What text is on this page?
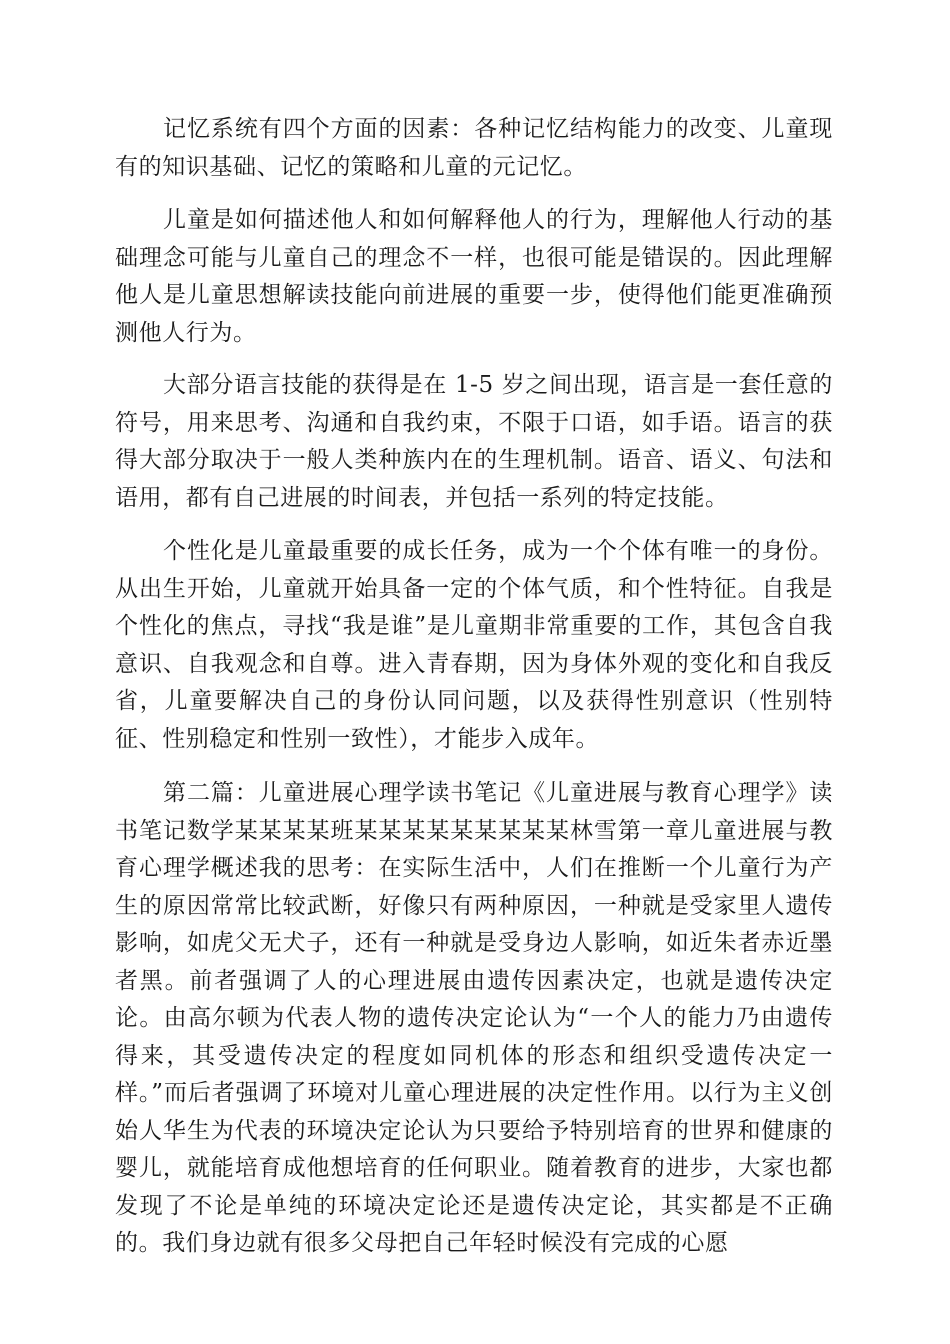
记忆系统有四个方面的因素：各种记忆结构能力的改变、儿童现有的知识基础、记忆的策略和儿童的元记忆。

儿童是如何描述他人和如何解释他人的行为，理解他人行动的基础理念可能与儿童自己的理念不一样，也很可能是错误的。因此理解他人是儿童思想解读技能向前进展的重要一步，使得他们能更准确预测他人行为。

大部分语言技能的获得是在 1-5 岁之间出现，语言是一套任意的符号，用来思考、沟通和自我约束，不限于口语，如手语。语言的获得大部分取决于一般人类种族内在的生理机制。语音、语义、句法和语用，都有自己进展的时间表，并包括一系列的特定技能。

个性化是儿童最重要的成长任务，成为一个个体有唯一的身份。从出生开始，儿童就开始具备一定的个体气质，和个性特征。自我是个性化的焦点，寻找“我是谁”是儿童期非常重要的工作，其包含自我意识、自我观念和自尊。进入青春期，因为身体外观的变化和自我反省，儿童要解决自己的身份认同问题，以及获得性别意识（性别特征、性别稳定和性别一致性），才能步入成年。

第二篇：儿童进展心理学读书笔记《儿童进展与教育心理学》读书笔记数学某某某某班某某某某某某某某某林雪第一章儿童进展与教育心理学概述我的思考：在实际生活中，人们在推断一个儿童行为产生的原因常常比较武断，好像只有两种原因，一种就是受家里人遗传影响，如虎父无犬子，还有一种就是受身边人影响，如近朱者赤近墨者黑。前者强调了人的心理进展由遗传因素决定，也就是遗传决定论。由高尔顿为代表人物的遗传决定论认为“一个人的能力乃由遗传得来，其受遗传决定的程度如同机体的形态和组织受遗传决定一样。”而后者强调了环境对儿童心理进展的决定性作用。以行为主义创始人华生为代表的环境决定论认为只要给予特别培育的世界和健康的婴儿，就能培育成他想培育的任何职业。随着教育的进步，大家也都发现了不论是单纯的环境决定论还是遗传决定论，其实都是不正确的。我们身边就有很多父母把自己年轻时候没有完成的心愿
